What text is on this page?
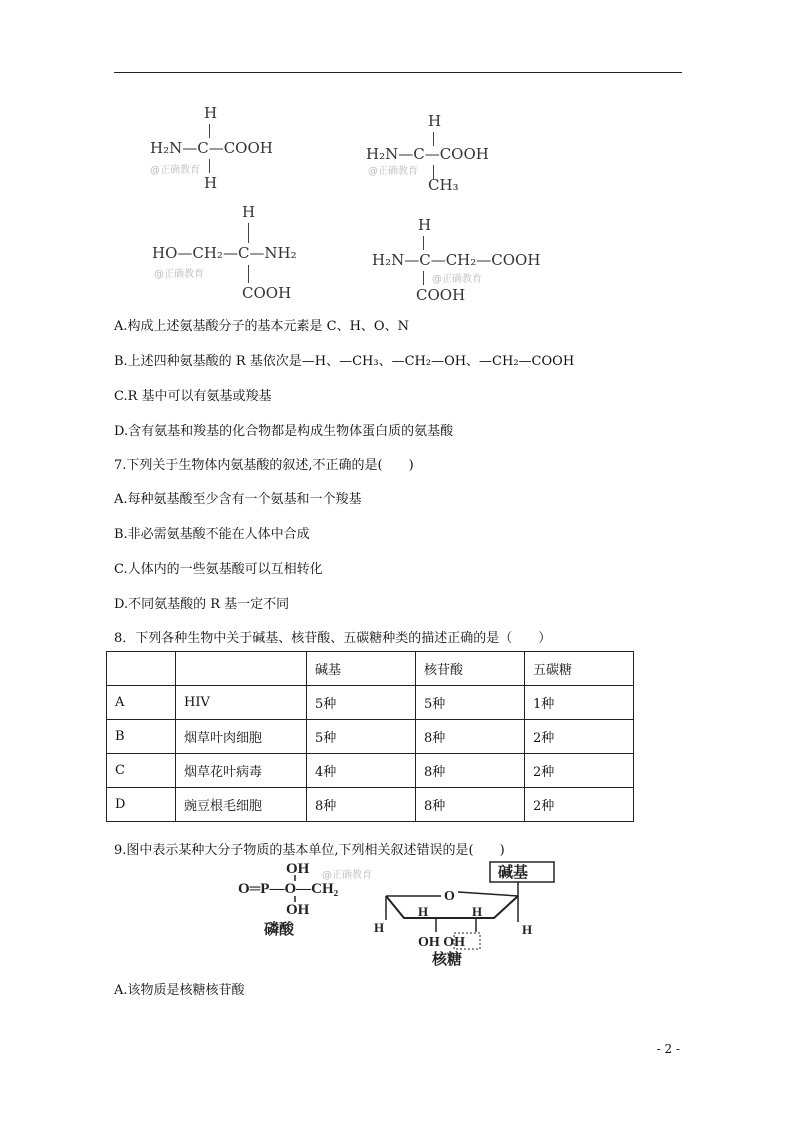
H
H₂N—C—COOH
H
@正确教育
H
H₂N—C—COOH
CH₃
@正确教育
H
HO—CH₂—C—NH₂
COOH
@正确教育
H
H₂N—C—CH₂—COOH
COOH
@正确教育
A.构成上述氨基酸分子的基本元素是 C、H、O、N
B.上述四种氨基酸的 R 基依次是—H、—CH₃、—CH₂—OH、—CH₂—COOH
C.R 基中可以有氨基或羧基
D.含有氨基和羧基的化合物都是构成生物体蛋白质的氨基酸
7.下列关于生物体内氨基酸的叙述,不正确的是(　　)
A.每种氨基酸至少含有一个氨基和一个羧基
B.非必需氨基酸不能在人体中合成
C.人体内的一些氨基酸可以互相转化
D.不同氨基酸的 R 基一定不同
8．下列各种生物中关于碱基、核苷酸、五碳糖种类的描述正确的是（　　）
		碱基	核苷酸	五碳糖
A	HIV	5种	5种	1种
B	烟草叶肉细胞	5种	8种	2种
C	烟草花叶病毒	4种	8种	2种
D	豌豆根毛细胞	8种	8种	2种
9.图中表示某种大分子物质的基本单位,下列相关叙述错误的是(　　)
OH
O═P—O—CH₂
OH
磷酸
@正确教育	碱基
O
H
H	H
H
OH OH
核糖
A.该物质是核糖核苷酸
- 2 -
